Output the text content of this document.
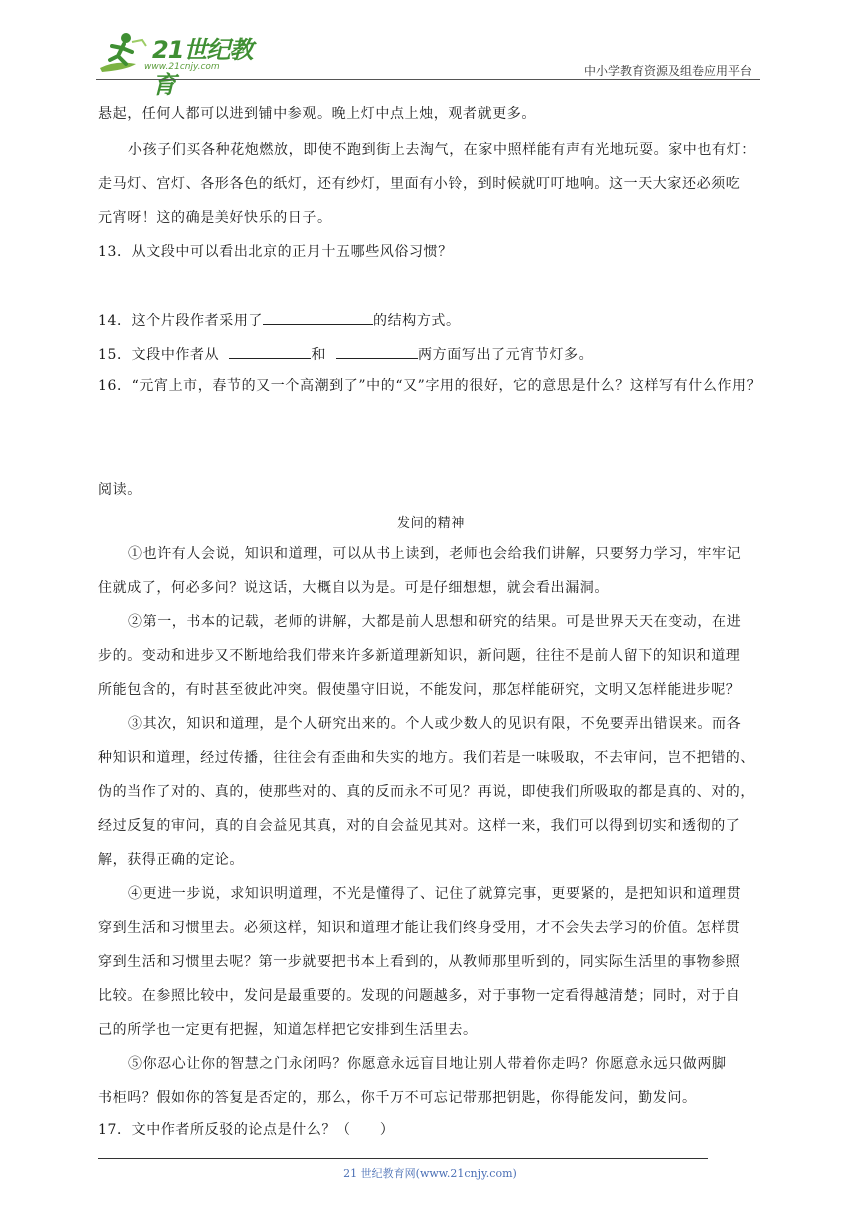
21世纪教育
www.21cnjy.com	中小学教育资源及组卷应用平台
悬起，任何人都可以进到铺中参观。晚上灯中点上烛，观者就更多。
小孩子们买各种花炮燃放，即使不跑到街上去淘气，在家中照样能有声有光地玩耍。家中也有灯：
走马灯、宫灯、各形各色的纸灯，还有纱灯，里面有小铃，到时候就叮叮地响。这一天大家还必须吃
元宵呀！这的确是美好快乐的日子。
13．从文段中可以看出北京的正月十五哪些风俗习惯？
14．这个片段作者采用了	的结构方式。
15．文段中作者从	和	两方面写出了元宵节灯多。
16．“元宵上市，春节的又一个高潮到了”中的“又”字用的很好，它的意思是什么？这样写有什么作用？
阅读。
发问的精神
①也许有人会说，知识和道理，可以从书上读到，老师也会给我们讲解，只要努力学习，牢牢记
住就成了，何必多问？说这话，大概自以为是。可是仔细想想，就会看出漏洞。
②第一，书本的记载，老师的讲解，大都是前人思想和研究的结果。可是世界天天在变动，在进
步的。变动和进步又不断地给我们带来许多新道理新知识，新问题，往往不是前人留下的知识和道理
所能包含的，有时甚至彼此冲突。假使墨守旧说，不能发问，那怎样能研究，文明又怎样能进步呢？
③其次，知识和道理，是个人研究出来的。个人或少数人的见识有限，不免要弄出错误来。而各
种知识和道理，经过传播，往往会有歪曲和失实的地方。我们若是一味吸取，不去审问，岂不把错的、
伪的当作了对的、真的，使那些对的、真的反而永不可见？再说，即使我们所吸取的都是真的、对的，
经过反复的审问，真的自会益见其真，对的自会益见其对。这样一来，我们可以得到切实和透彻的了
解，获得正确的定论。
④更进一步说，求知识明道理，不光是懂得了、记住了就算完事，更要紧的，是把知识和道理贯
穿到生活和习惯里去。必须这样，知识和道理才能让我们终身受用，才不会失去学习的价值。怎样贯
穿到生活和习惯里去呢？第一步就要把书本上看到的，从教师那里听到的，同实际生活里的事物参照
比较。在参照比较中，发问是最重要的。发现的问题越多，对于事物一定看得越清楚；同时，对于自
己的所学也一定更有把握，知道怎样把它安排到生活里去。
⑤你忍心让你的智慧之门永闭吗？你愿意永远盲目地让别人带着你走吗？你愿意永远只做两脚
书柜吗？假如你的答复是否定的，那么，你千万不可忘记带那把钥匙，你得能发问，勤发问。
17．文中作者所反驳的论点是什么？（　　）
21 世纪教育网(www.21cnjy.com)
